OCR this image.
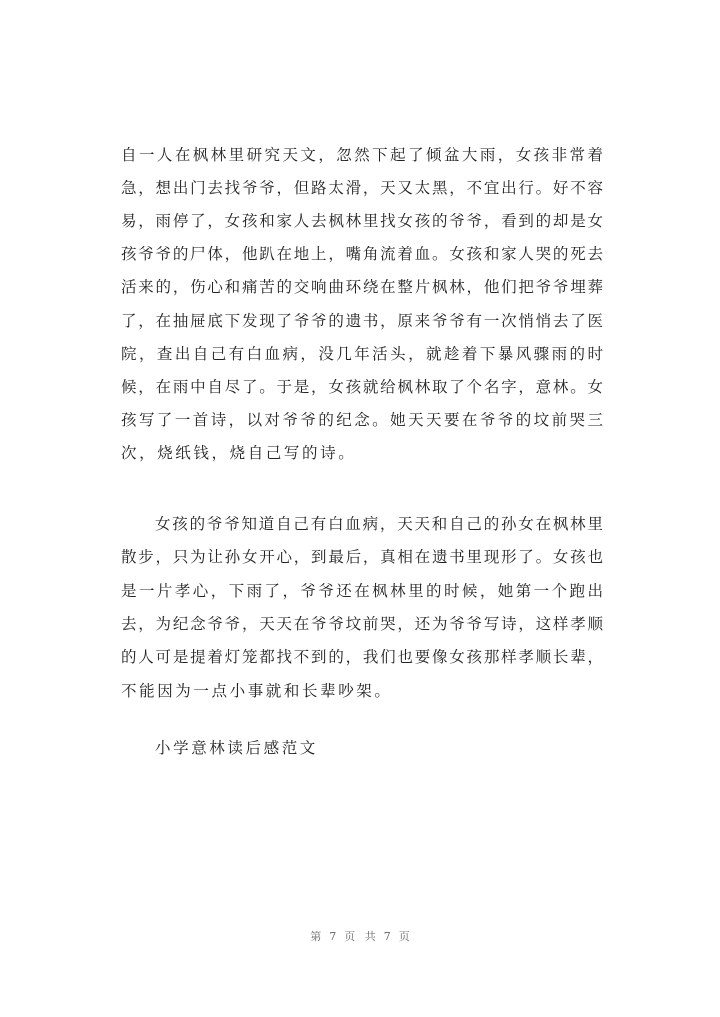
自一人在枫林里研究天文，忽然下起了倾盆大雨，女孩非常着
急，想出门去找爷爷，但路太滑，天又太黑，不宜出行。好不容
易，雨停了，女孩和家人去枫林里找女孩的爷爷，看到的却是女
孩爷爷的尸体，他趴在地上，嘴角流着血。女孩和家人哭的死去
活来的，伤心和痛苦的交响曲环绕在整片枫林，他们把爷爷埋葬
了，在抽屉底下发现了爷爷的遗书，原来爷爷有一次悄悄去了医
院，查出自己有白血病，没几年活头，就趁着下暴风骤雨的时
候，在雨中自尽了。于是，女孩就给枫林取了个名字，意林。女
孩写了一首诗，以对爷爷的纪念。她天天要在爷爷的坟前哭三
次，烧纸钱，烧自己写的诗。
女孩的爷爷知道自己有白血病，天天和自己的孙女在枫林里
散步，只为让孙女开心，到最后，真相在遗书里现形了。女孩也
是一片孝心，下雨了，爷爷还在枫林里的时候，她第一个跑出
去，为纪念爷爷，天天在爷爷坟前哭，还为爷爷写诗，这样孝顺
的人可是提着灯笼都找不到的，我们也要像女孩那样孝顺长辈，
不能因为一点小事就和长辈吵架。
小学意林读后感范文
第 7 页 共 7 页
